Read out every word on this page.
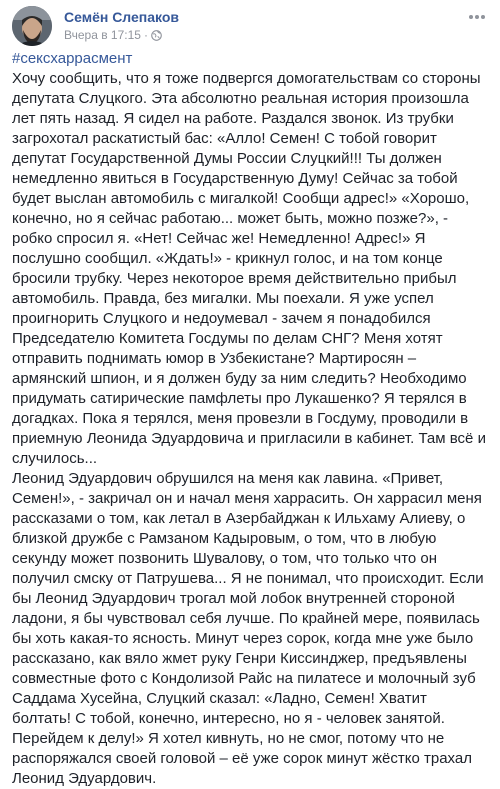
Семён Слепаков
Вчера в 17:15 ·
#сексхаррасмент

Хочу сообщить, что я тоже подвергся домогательствам со стороны депутата Слуцкого. Эта абсолютно реальная история произошла лет пять назад. Я сидел на работе. Раздался звонок. Из трубки загрохотал раскатистый бас: «Алло! Семен! С тобой говорит депутат Государственной Думы России Слуцкий!!! Ты должен немедленно явиться в Государственную Думу! Сейчас за тобой будет выслан автомобиль с мигалкой! Сообщи адрес!» «Хорошо, конечно, но я сейчас работаю... может быть, можно позже?», - робко спросил я. «Нет! Сейчас же! Немедленно! Адрес!» Я послушно сообщил. «Ждать!» - крикнул голос, и на том конце бросили трубку. Через некоторое время действительно прибыл автомобиль. Правда, без мигалки. Мы поехали. Я уже успел проигнорить Слуцкого и недоумевал - зачем я понадобился Председателю Комитета Госдумы по делам СНГ? Меня хотят отправить поднимать юмор в Узбекистане? Мартиросян – армянский шпион, и я должен буду за ним следить? Необходимо придумать сатирические памфлеты про Лукашенко? Я терялся в догадках. Пока я терялся, меня провезли в Госдуму, проводили в приемную Леонида Эдуардовича и пригласили в кабинет. Там всё и случилось...

Леонид Эдуардович обрушился на меня как лавина. «Привет, Семен!», - закричал он и начал меня харрасить. Он харрасил меня рассказами о том, как летал в Азербайджан к Ильхаму Алиеву, о близкой дружбе с Рамзаном Кадыровым, о том, что в любую секунду может позвонить Шувалову, о том, что только что он получил смску от Патрушева... Я не понимал, что происходит. Если бы Леонид Эдуардович трогал мой лобок внутренней стороной ладони, я бы чувствовал себя лучше. По крайней мере, появилась бы хоть какая-то ясность. Минут через сорок, когда мне уже было рассказано, как вяло жмет руку Генри Киссинджер, предъявлены совместные фото с Кондолизой Райс на пилатесе и молочный зуб Саддама Хусейна, Слуцкий сказал: «Ладно, Семен! Хватит болтать! С тобой, конечно, интересно, но я - человек занятой. Перейдем к делу!» Я хотел кивнуть, но не смог, потому что не распоряжался своей головой – её уже сорок минут жёстко трахал Леонид Эдуардович.
